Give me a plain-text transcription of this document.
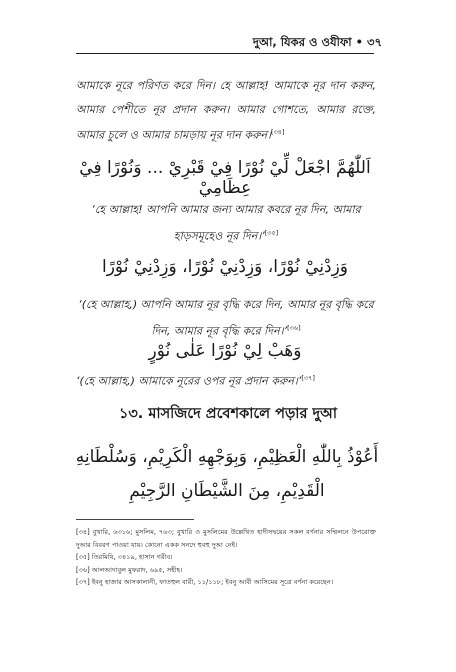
দুআ, যিকর ও ওযীফা • ৩৭
আমাকে নূরে পরিণত করে দিন। হে আল্লাহ! আমাকে নূর দান করুন, আমার পেশীতে নূর প্রদান করুন। আমার গোশতে, আমার রক্তে, আমার চুলে ও আমার চামড়ায় নূর দান করুন।[৩৪]
اَللّٰهُمَّ اجْعَلْ لِّيْ نُوْرًا فِيْ قَبْرِيْ ... وَنُوْرًا فِيْ عِظَامِيْ
‘হে আল্লাহ! আপনি আমার জন্য আমার কবরে নূর দিন, আমার হাড়সমূহেও নূর দিন।’[৩৫]
وَزِدْنِيْ نُوْرًا، وَزِدْنِيْ نُوْرًا، وَزِدْنِيْ نُوْرًا
‘(হে আল্লাহ,) আপনি আমার নূর বৃদ্ধি করে দিন, আমার নূর বৃদ্ধি করে দিন, আমার নূর বৃদ্ধি করে দিন।’[৩৬]
وَهَبْ لِيْ نُوْرًا عَلٰى نُوْرٍ
‘(হে আল্লাহ,) আমাকে নূরের ওপর নূর প্রদান করুন।’[৩৭]
১৩. মাসজিদে প্রবেশকালে পড়ার দুআ
أَعُوْذُ بِاللّٰهِ الْعَظِيْمِ، وَبِوَجْهِهِ الْكَرِيْمِ، وَسُلْطَانِهِ الْقَدِيْمِ، مِنَ الشَّيْطَانِ الرَّجِيْمِ
[৩৪] বুখারি, ৬৩১৬; মুসলিম, ৭৬৩; বুখারি ও মুসলিমের উল্লেখিত হাদীসদ্বয়ের সকল বর্ণনার সম্মিলনে উপরোক্ত দুআর বিবরণ পাওয়া যায়। কোনো একক সনদে হুবহু দুআ নেই।
[৩৫] তিরমিযি, ৩৪১৯, হাসান গরীব।
[৩৬] আলআদাবুল মুফরাদ, ৬৯৫, সহীহ।
[৩৭] ইবনু হাজার আসকালানী, ফাতহুল বারী, ১১/১১৮; ইবনু আবী আসিমের সূত্রে বর্ণনা করেছেন।
